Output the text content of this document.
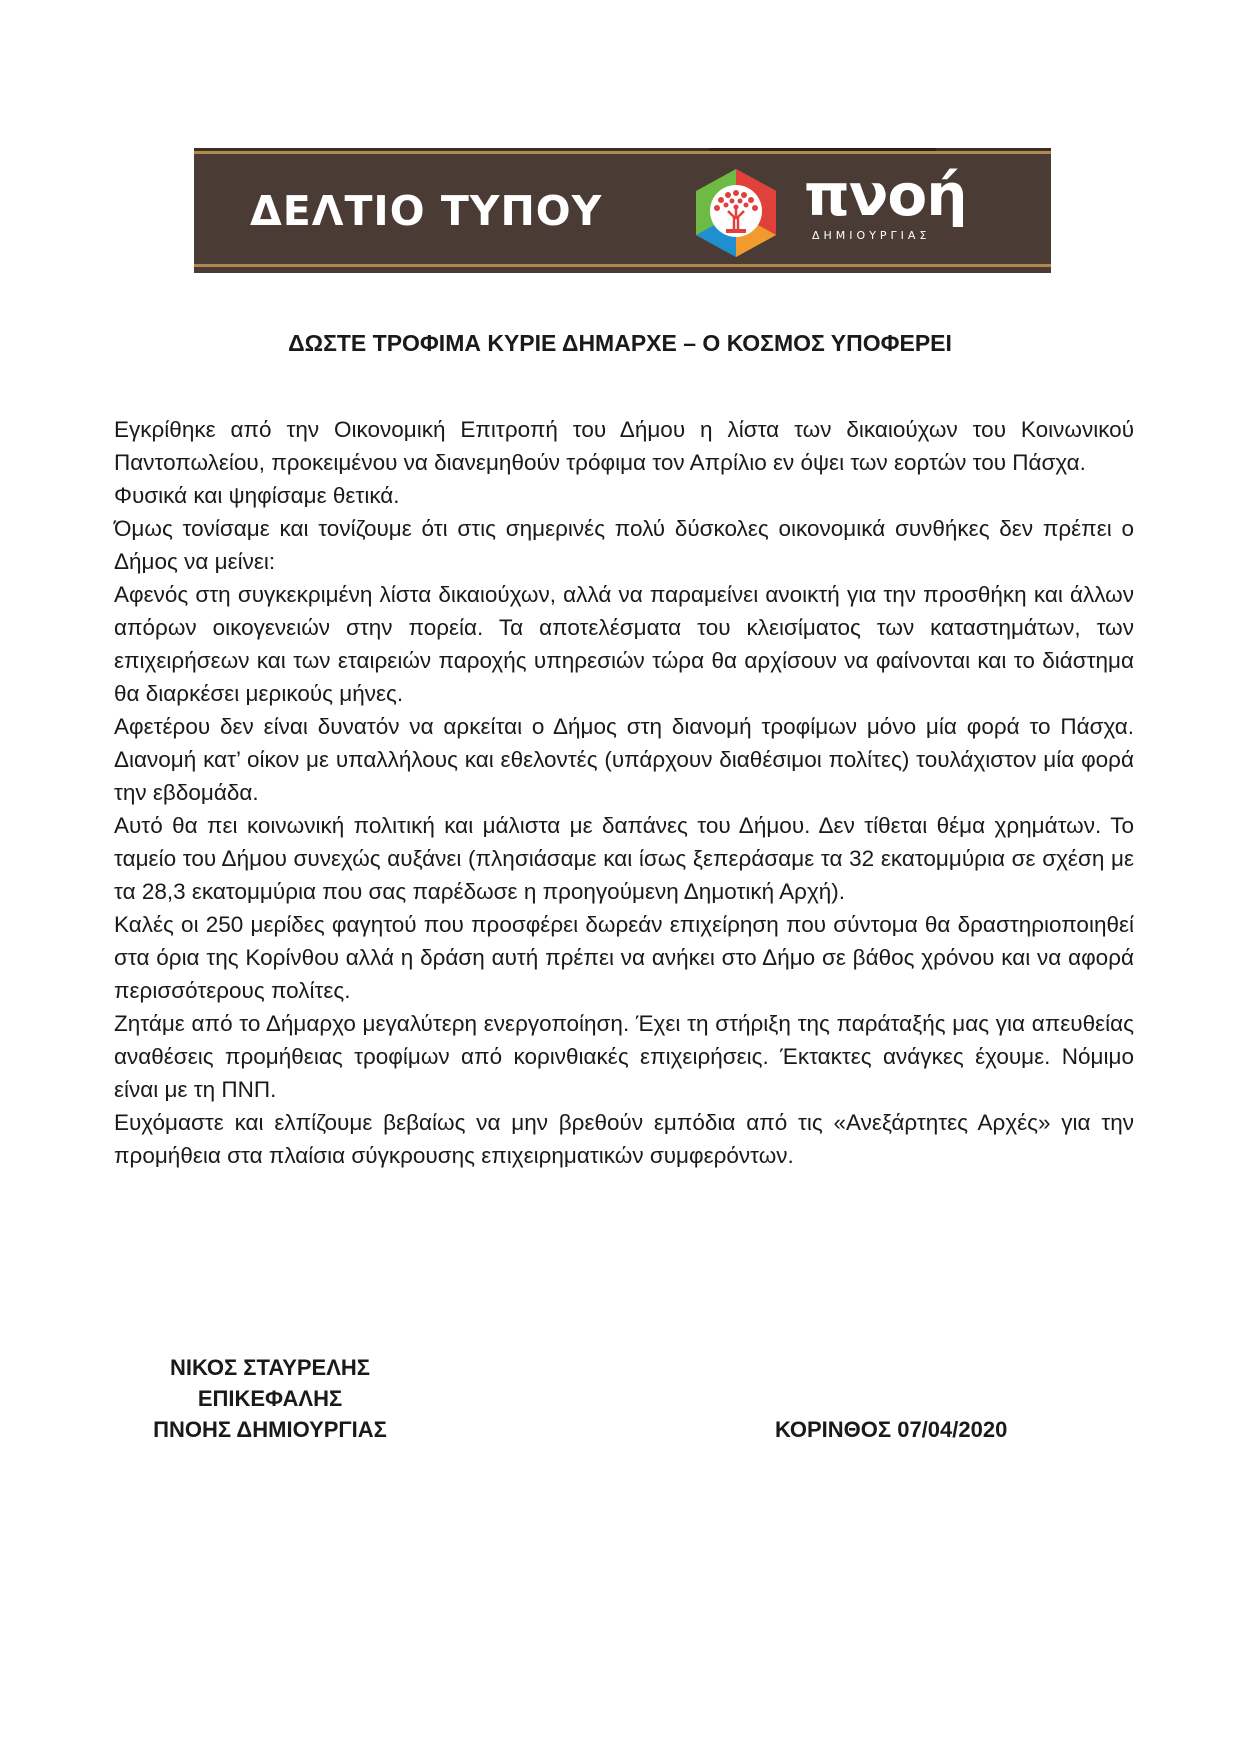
ΔΕΛΤΙΟ ΤΥΠΟΥ	πνοή
ΔΗΜΙΟΥΡΓΙΑΣ
ΔΩΣΤΕ ΤΡΟΦΙΜΑ ΚΥΡΙΕ ΔΗΜΑΡΧΕ – Ο ΚΟΣΜΟΣ ΥΠΟΦΕΡΕΙ

Εγκρίθηκε από την Οικονομική Επιτροπή του Δήμου η λίστα των δικαιούχων του Κοινωνικού Παντοπωλείου, προκειμένου να διανεμηθούν τρόφιμα τον Απρίλιο εν όψει των εορτών του Πάσχα.

Φυσικά και ψηφίσαμε θετικά.

Όμως τονίσαμε και τονίζουμε ότι στις σημερινές πολύ δύσκολες οικονομικά συνθήκες δεν πρέπει ο Δήμος να μείνει:

Αφενός στη συγκεκριμένη λίστα δικαιούχων, αλλά να παραμείνει ανοικτή για την προσθήκη και άλλων απόρων οικογενειών στην πορεία. Τα αποτελέσματα του κλεισίματος των καταστημάτων, των επιχειρήσεων και των εταιρειών παροχής υπηρεσιών τώρα θα αρχίσουν να φαίνονται και το διάστημα θα διαρκέσει μερικούς μήνες.

Αφετέρου δεν είναι δυνατόν να αρκείται ο Δήμος στη διανομή τροφίμων μόνο μία φορά το Πάσχα. Διανομή κατ’ οίκον με υπαλλήλους και εθελοντές (υπάρχουν διαθέσιμοι πολίτες) τουλάχιστον μία φορά την εβδομάδα.

Αυτό θα πει κοινωνική πολιτική και μάλιστα με δαπάνες του Δήμου. Δεν τίθεται θέμα χρημάτων. Το ταμείο του Δήμου συνεχώς αυξάνει (πλησιάσαμε και ίσως ξεπεράσαμε τα 32 εκατομμύρια σε σχέση με τα 28,3 εκατομμύρια που σας παρέδωσε η προηγούμενη Δημοτική Αρχή).

Καλές οι 250 μερίδες φαγητού που προσφέρει δωρεάν επιχείρηση που σύντομα θα δραστηριοποιηθεί στα όρια της Κορίνθου αλλά η δράση αυτή πρέπει να ανήκει στο Δήμο σε βάθος χρόνου και να αφορά περισσότερους πολίτες.

Ζητάμε από το Δήμαρχο μεγαλύτερη ενεργοποίηση. Έχει τη στήριξη της παράταξής μας για απευθείας αναθέσεις προμήθειας τροφίμων από κορινθιακές επιχειρήσεις. Έκτακτες ανάγκες έχουμε. Νόμιμο είναι με τη ΠΝΠ.

Ευχόμαστε και ελπίζουμε βεβαίως να μην βρεθούν εμπόδια από τις «Ανεξάρτητες Αρχές» για την προμήθεια στα πλαίσια σύγκρουσης επιχειρηματικών συμφερόντων.

ΝΙΚΟΣ ΣΤΑΥΡΕΛΗΣ
ΕΠΙΚΕΦΑΛΗΣ
ΠΝΟΗΣ ΔΗΜΙΟΥΡΓΙΑΣ	ΚΟΡΙΝΘΟΣ 07/04/2020
